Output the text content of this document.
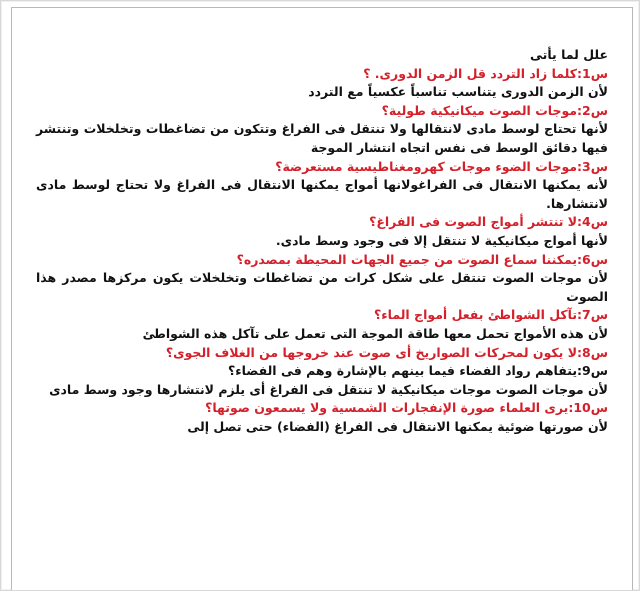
علل لما يأتى
س1:كلما زاد التردد قل الزمن الدورى. ؟
لأن الزمن الدورى يتناسب تناسباً عكسياً مع التردد
س2:موجات الصوت ميكانيكية طولية؟
لأنها تحتاج لوسط مادى لانتقالها ولا تنتقل فى الفراغ وتتكون من تضاغطات وتخلخلات وتنتشر فيها دقائق الوسط فى نفس اتجاه انتشار الموجة
س3:موجات الضوء موجات كهرومغناطيسية مستعرضة؟
لأنه يمكنها الانتقال فى الفراغولانها أمواج يمكنها الانتقال فى الفراغ ولا تحتاج لوسط مادى لانتشارها.
س4:لا تنتشر أمواج الصوت فى الفراغ؟
لأنها أمواج ميكانيكية لا تنتقل إلا فى وجود وسط مادى.
س6:يمكننا سماع الصوت من جميع الجهات المحيطة بمصدره؟
لأن موجات الصوت تنتقل على شكل كرات من تضاغطات وتخلخلات يكون مركزها مصدر هذا الصوت
س7:تآكل الشواطئ بفعل أمواج الماء؟
لأن هذه الأمواج تحمل معها طاقة الموجة التى تعمل على تآكل هذه الشواطئ
س8:لا يكون لمحركات الصواريخ أى صوت عند خروجها من الغلاف الجوى؟
س9:يتفاهم رواد الفضاء فيما بينهم بالإشارة وهم فى الفضاء؟
لأن موجات الصوت موجات ميكانيكية لا تنتقل فى الفراغ أى يلزم لانتشارها وجود وسط مادى
س10:يرى العلماء صورة الإنفجارات الشمسية ولا يسمعون صوتها؟
لأن صورتها ضوئية يمكنها الانتقال فى الفراغ (الفضاء) حتى تصل إلى
